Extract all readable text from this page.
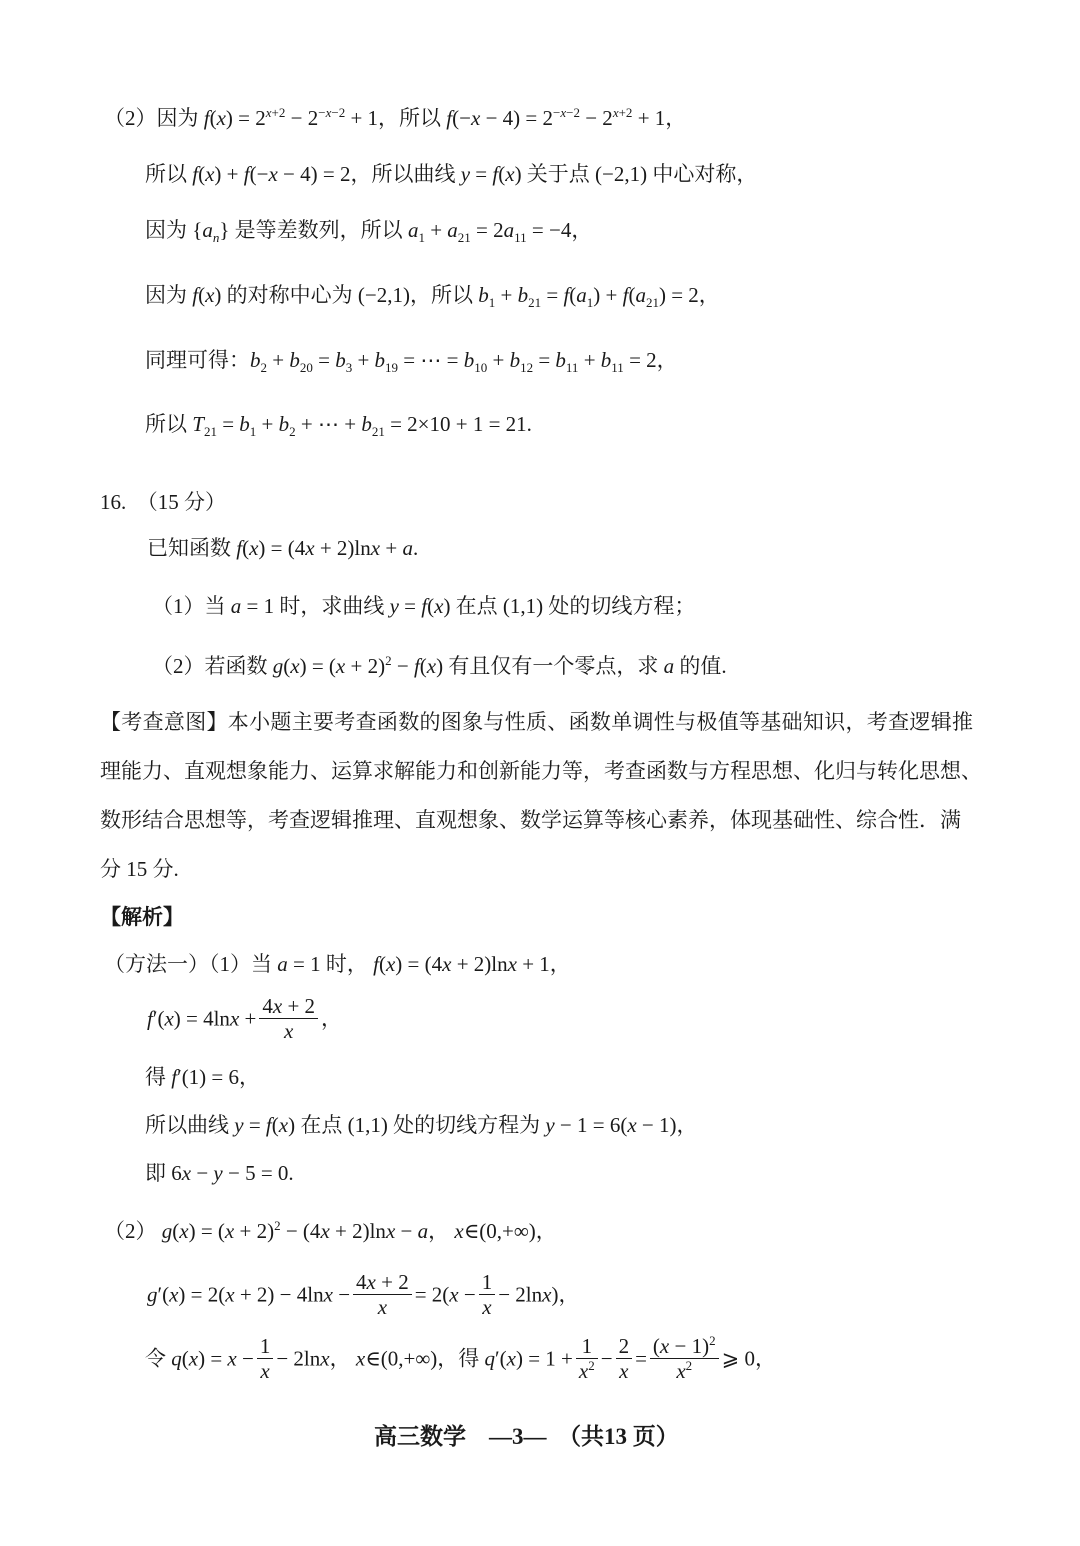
（2）因为 $f(x) = 2^{x+2} - 2^{-x-2} + 1$，所以 $f(-x - 4) = 2^{-x-2} - 2^{x+2} + 1$，
所以 f(x) + f(−x − 4) = 2，所以曲线 y = f(x) 关于点 (−2,1) 中心对称，
因为 $\{a_n\}$ 是等差数列，所以 $a_1 + a_{21} = 2a_{11} = -4$，
因为 f(x) 的对称中心为 (−2,1)，所以 $b_1 + b_{21} = f(a_1) + f(a_{21}) = 2$，
同理可得：$b_2 + b_{20} = b_3 + b_{19}$ = ⋯ = $b_{10} + b_{12} = b_{11} + b_{11} = 2$，
所以 $T_{21} = b_1 + b_2$ + ⋯ + $b_{21} = 2\times 10 + 1 = 21$.
16.　（15 分）
已知函数 f(x) = (4x + 2)lnx + a.
（1）当 a = 1 时，求曲线 y = f(x) 在点 (1,1) 处的切线方程；
（2）若函数 $g(x) = (x + 2)^2 - f(x)$ 有且仅有一个零点，求 a 的值.
【考查意图】本小题主要考查函数的图象与性质、函数单调性与极值等基础知识，考查逻辑推
理能力、直观想象能力、运算求解能力和创新能力等，考查函数与方程思想、化归与转化思想、
数形结合思想等，考查逻辑推理、直观想象、数学运算等核心素养，体现基础性、综合性．满
分 15 分.
【解析】
（方法一）（1）当 a = 1 时， f(x) = (4x + 2)lnx + 1，
$f'(x) = 4\ln x + \frac{4x + 2}{x}$ ，
得 f′(1) = 6，
所以曲线 y = f(x) 在点 (1,1) 处的切线方程为 y − 1 = 6(x − 1)，
即 6x − y − 5 = 0.
（2） $g(x) = (x + 2)^2 - (4x + 2)\ln x - a$， x∈(0,+∞)，
$g'(x) = 2(x + 2) - 4\ln x - \frac{4x + 2}{x} = 2(x - \frac{1}{x} - 2\ln x)$，
令 $q(x) = x - \frac{1}{x} - 2\ln x$， x∈(0,+∞)，得 $q'(x) = 1 + \frac{1}{x^2} - \frac{2}{x} = \frac{(x - 1)^2}{x^2}$ ⩾ 0，
高三数学　—3—　（共13 页）
